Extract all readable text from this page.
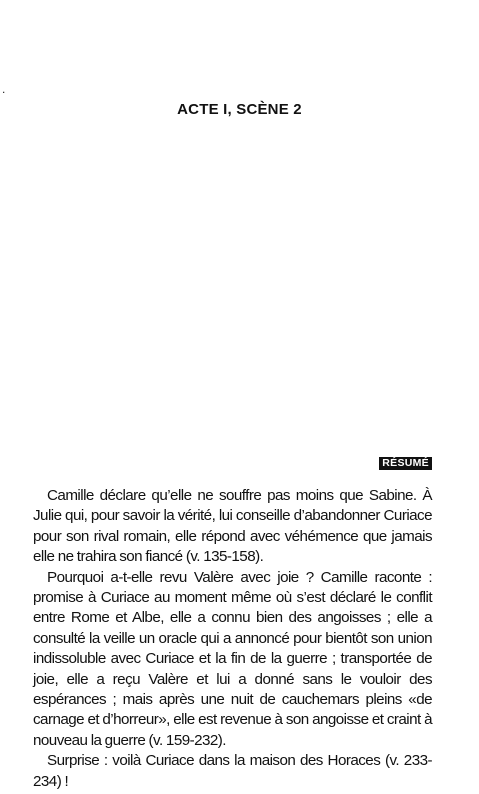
.
ACTE I, SCÈNE 2
RÉSUMÉ

Camille déclare qu’elle ne souffre pas moins que Sabine. À Julie qui, pour savoir la vérité, lui conseille d’abandonner Curiace pour son rival romain, elle répond avec véhémence que jamais elle ne trahira son fiancé (v. 135-158).

Pourquoi a-t-elle revu Valère avec joie ? Camille raconte : promise à Curiace au moment même où s’est déclaré le conflit entre Rome et Albe, elle a connu bien des angoisses ; elle a consulté la veille un oracle qui a annoncé pour bientôt son union indissoluble avec Curiace et la fin de la guerre ; transportée de joie, elle a reçu Valère et lui a donné sans le vouloir des espérances ; mais après une nuit de cauchemars pleins «de carnage et d’horreur», elle est revenue à son angoisse et craint à nouveau la guerre (v. 159-232).

Surprise : voilà Curiace dans la maison des Horaces (v. 233-234) !
